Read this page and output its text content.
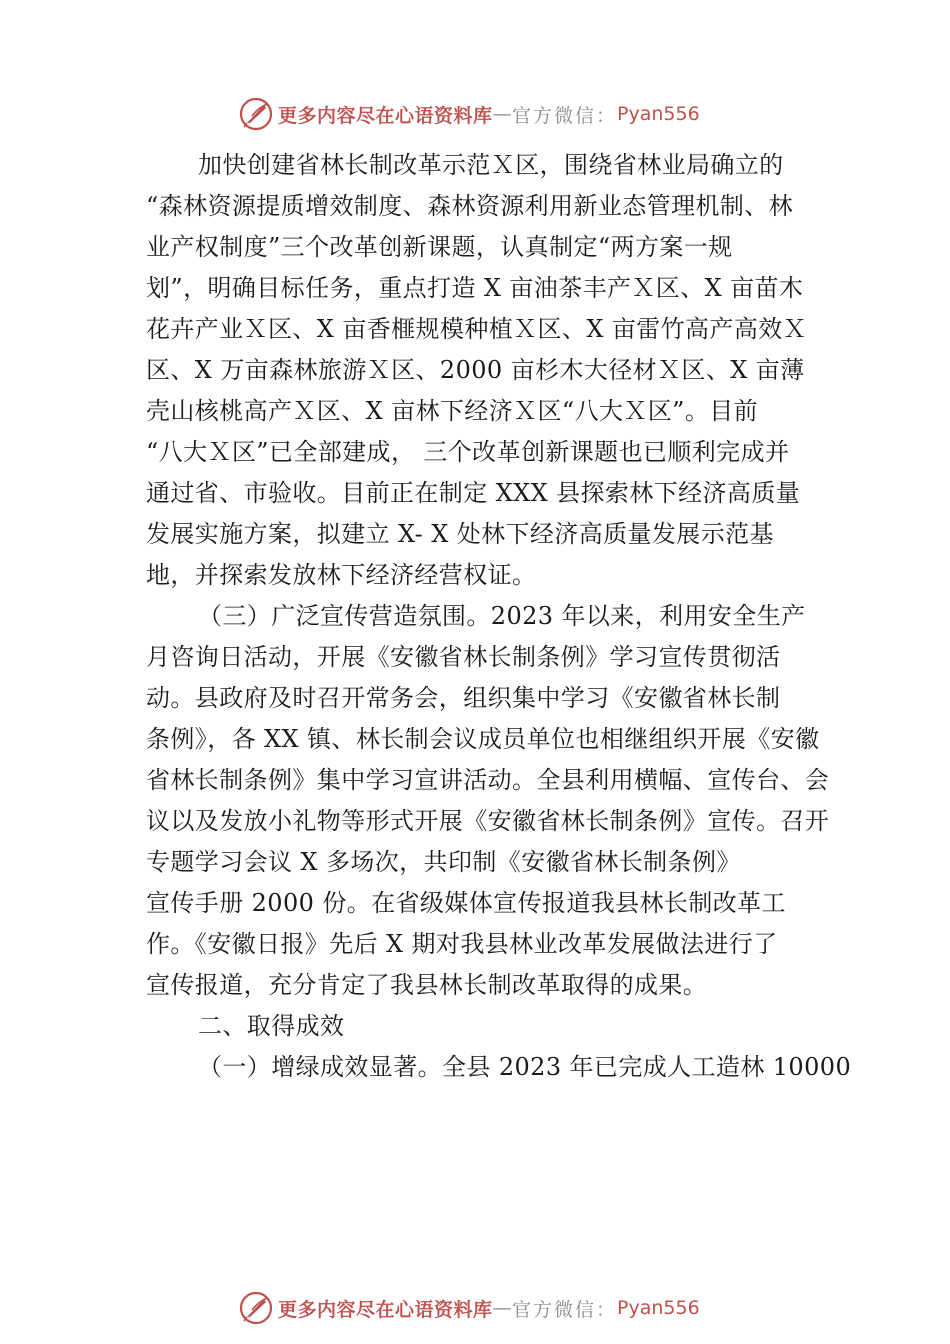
更多内容尽在心语资料库 — 官方微信： Pyan556
加快创建省林长制改革示范Ｘ区，围绕省林业局确立的
“森林资源提质增效制度、森林资源利用新业态管理机制、林
业产权制度”三个改革创新课题，认真制定“两方案一规
划”，明确目标任务，重点打造 X 亩油茶丰产Ｘ区、X 亩苗木
花卉产业Ｘ区、X 亩香榧规模种植Ｘ区、X 亩雷竹高产高效Ｘ
区、X 万亩森林旅游Ｘ区、2000 亩杉木大径材Ｘ区、X 亩薄
壳山核桃高产Ｘ区、X 亩林下经济Ｘ区“八大Ｘ区”。目前
“八大Ｘ区”已全部建成， 三个改革创新课题也已顺利完成并
通过省、市验收。目前正在制定 XXX 县探索林下经济高质量
发展实施方案，拟建立 X- X 处林下经济高质量发展示范基
地，并探索发放林下经济经营权证。
（三）广泛宣传营造氛围。2023 年以来，利用安全生产
月咨询日活动，开展《安徽省林长制条例》学习宣传贯彻活
动。县政府及时召开常务会，组织集中学习《安徽省林长制
条例》，各 XX 镇、林长制会议成员单位也相继组织开展《安徽
省林长制条例》集中学习宣讲活动。全县利用横幅、宣传台、会
议以及发放小礼物等形式开展《安徽省林长制条例》宣传。召开
专题学习会议 X 多场次，共印制《安徽省林长制条例》
宣传手册 2000 份。在省级媒体宣传报道我县林长制改革工
作。《安徽日报》先后 X 期对我县林业改革发展做法进行了
宣传报道，充分肯定了我县林长制改革取得的成果。
二、取得成效
（一）增绿成效显著。全县 2023 年已完成人工造林 10000
更多内容尽在心语资料库 — 官方微信： Pyan556
